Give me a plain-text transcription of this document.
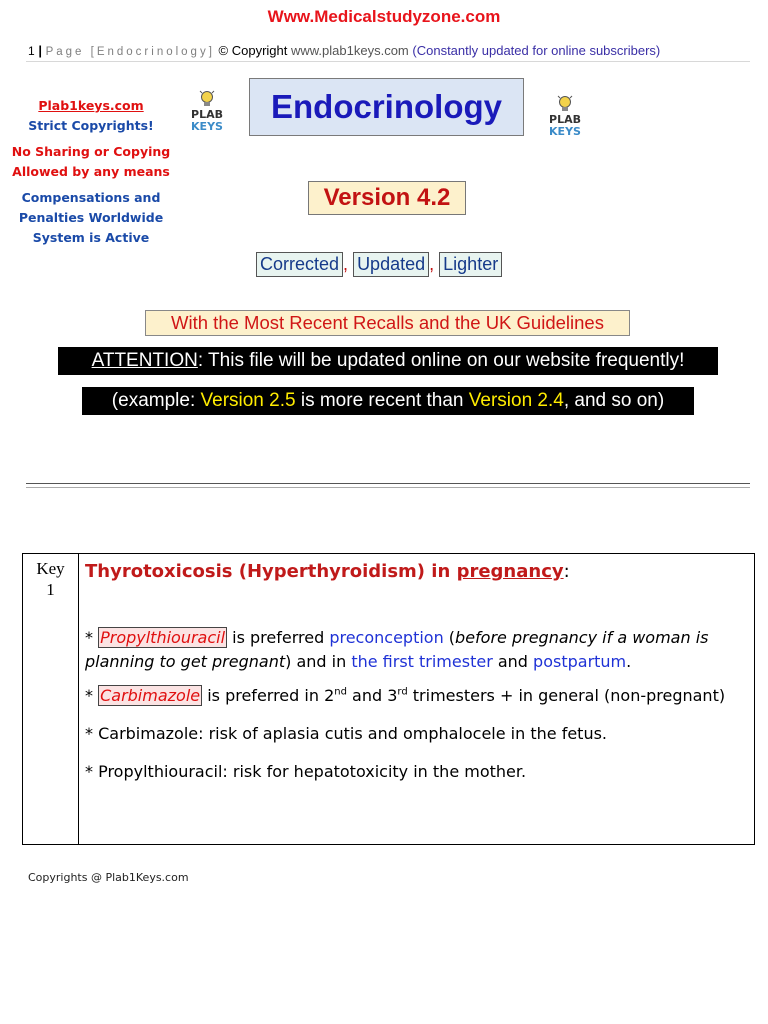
Www.Medicalstudyzone.com
1 | Page [Endocrinology] © Copyright www.plab1keys.com (Constantly updated for online subscribers)
Plab1keys.com
Strict Copyrights!
No Sharing or Copying
Allowed by any means
Compensations and
Penalties Worldwide
System is Active
PLAB
KEYS
Endocrinology	PLAB
KEYS
Version 4.2
Corrected , Updated , Lighter
With the Most Recent Recalls and the UK Guidelines
ATTENTION : This file will be updated online on our website frequently!
(example:
Version 2.5 is more recent than Version 2.4 , and so on)
Key
1
Thyrotoxicosis (Hyperthyroidism) in pregnancy:

* Propylthiouracil is preferred preconception (before pregnancy if a woman is planning to get pregnant) and in the first trimester and postpartum.

* Carbimazole is preferred in 2nd and 3rd trimesters + in general (non-pregnant)

* Carbimazole: risk of aplasia cutis and omphalocele in the fetus.

* Propylthiouracil: risk for hepatotoxicity in the mother.

Copyrights @ Plab1Keys.com
